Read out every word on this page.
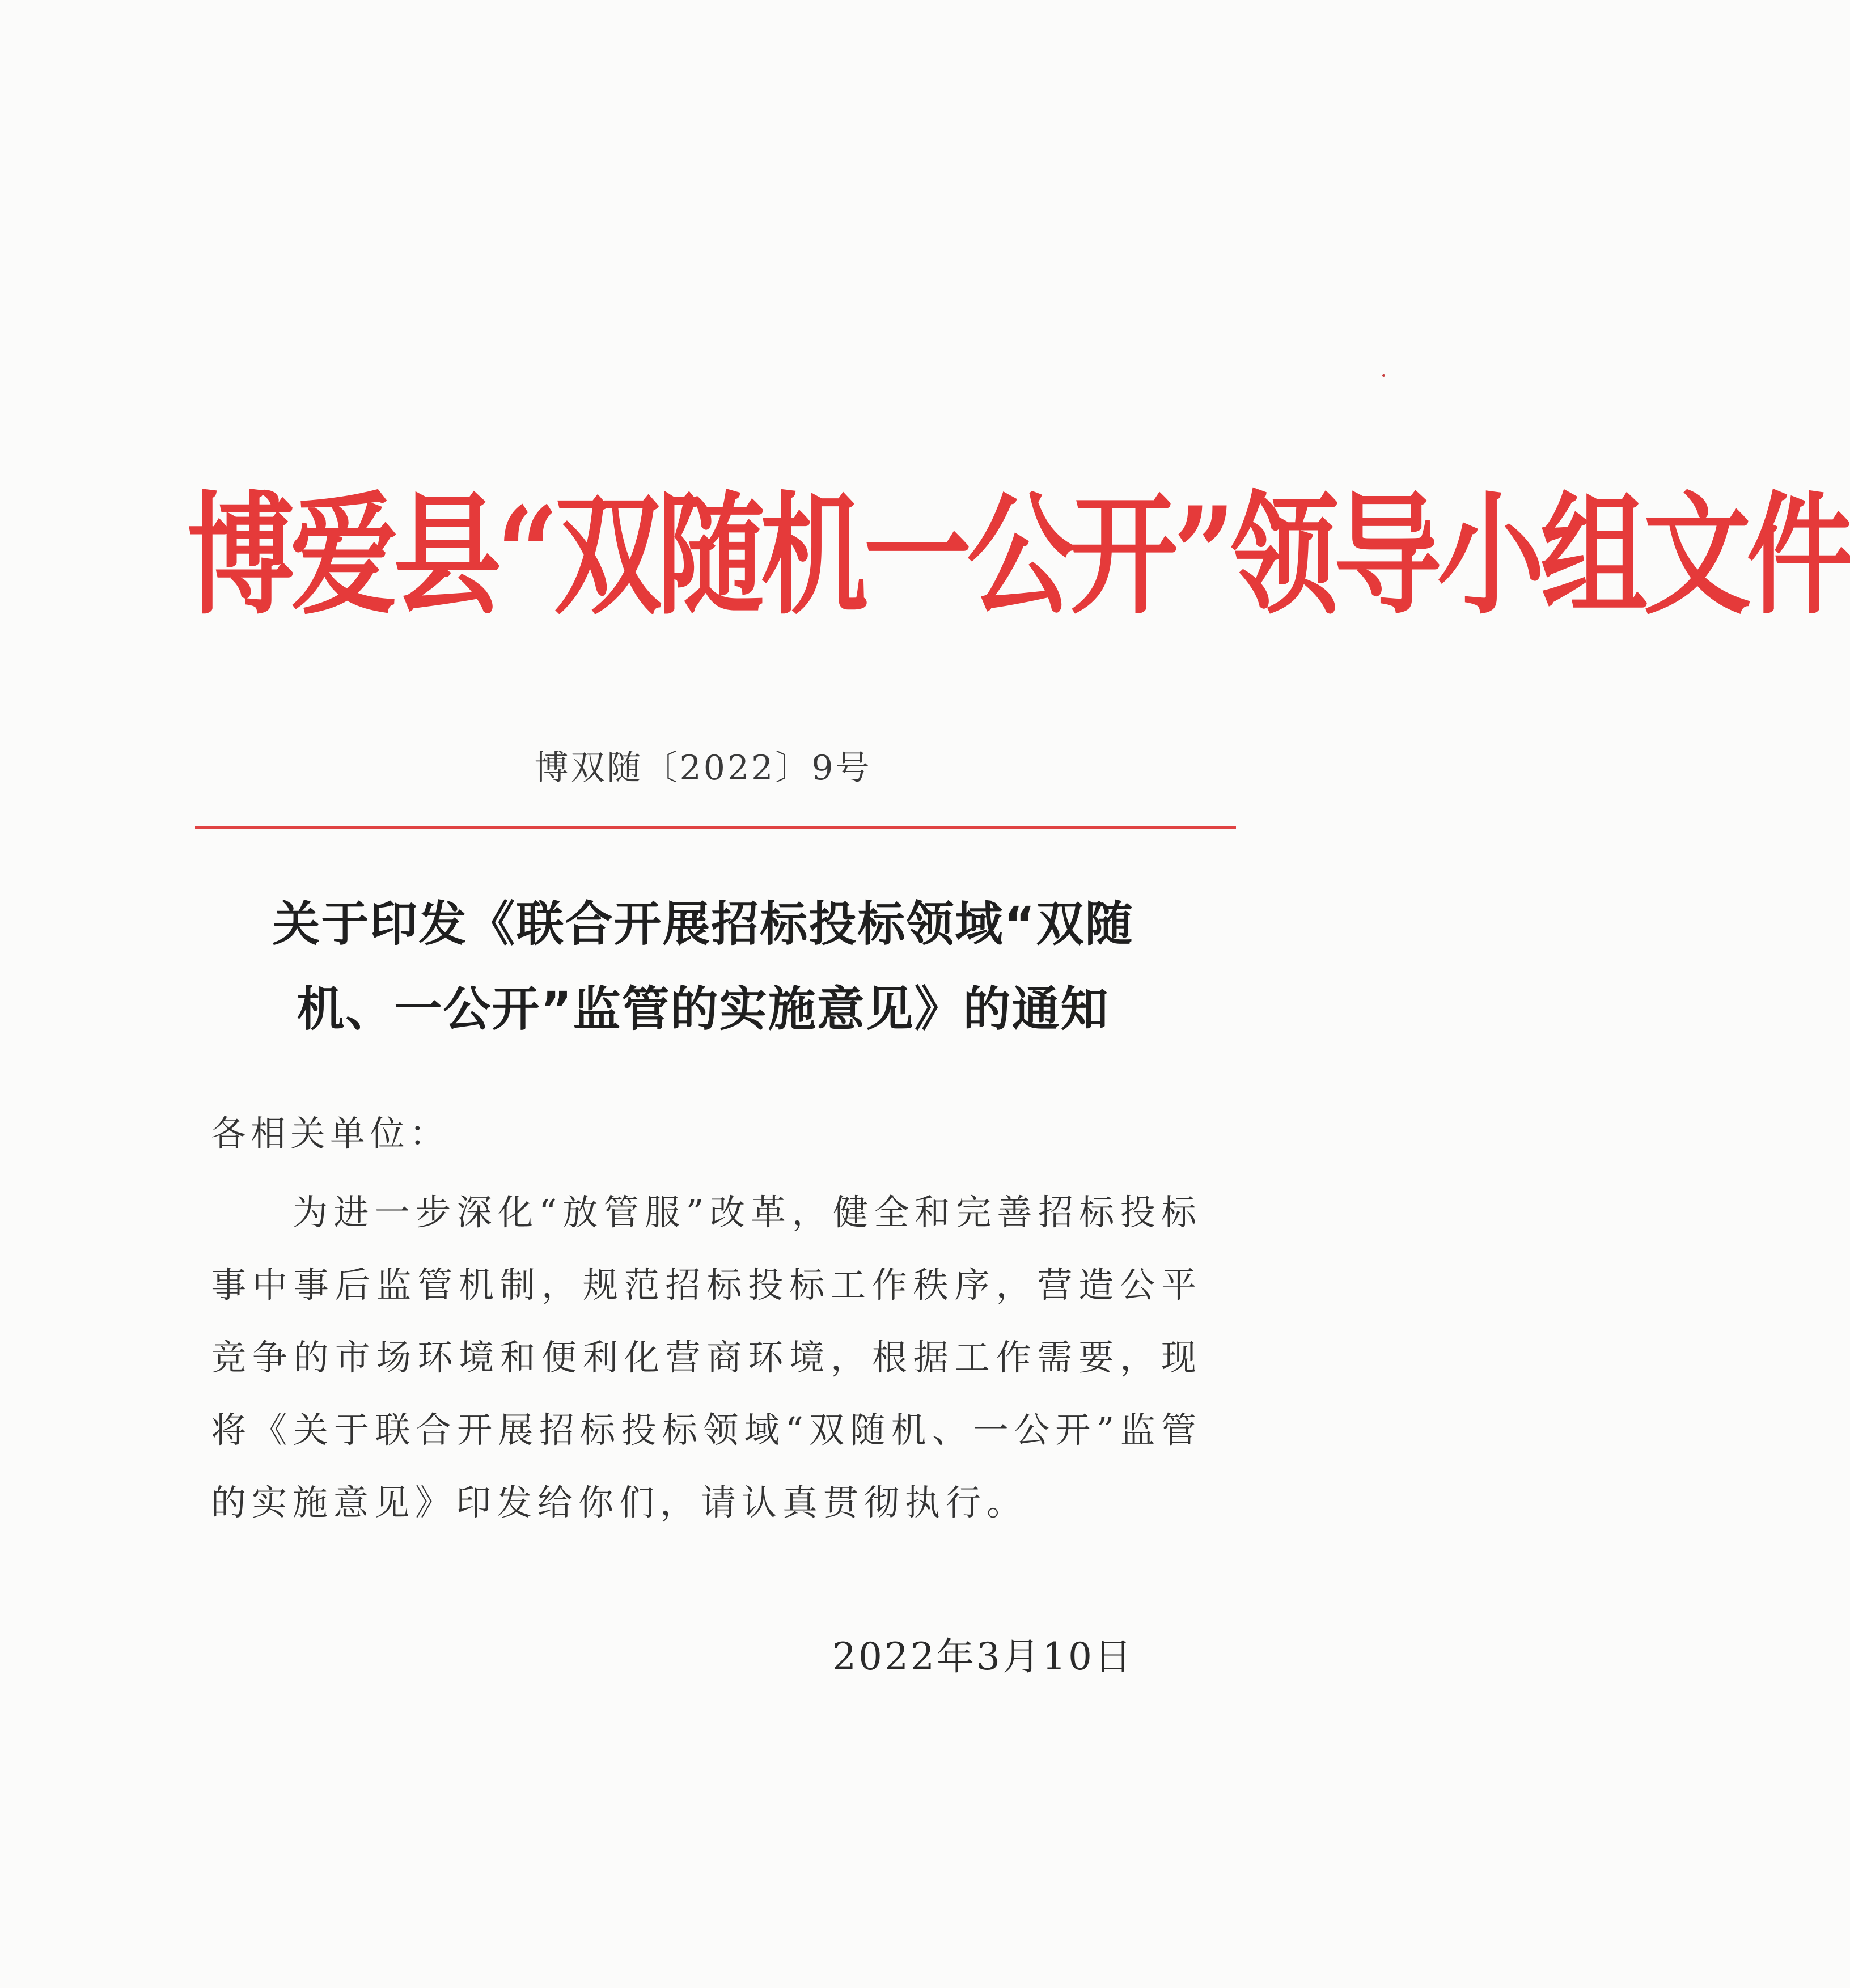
博爱县“双随机一公开”领导小组文件
博双随〔2022〕9号
关于印发《联合开展招标投标领域“双随
机、一公开”监管的实施意见》的通知
各相关单位：

为进一步深化“放管服”改革，健全和完善招标投标事中事后监管机制，规范招标投标工作秩序，营造公平竞争的市场环境和便利化营商环境，根据工作需要，现将《关于联合开展招标投标领域“双随机、一公开”监管的实施意见》印发给你们，请认真贯彻执行。

2022年3月10日
